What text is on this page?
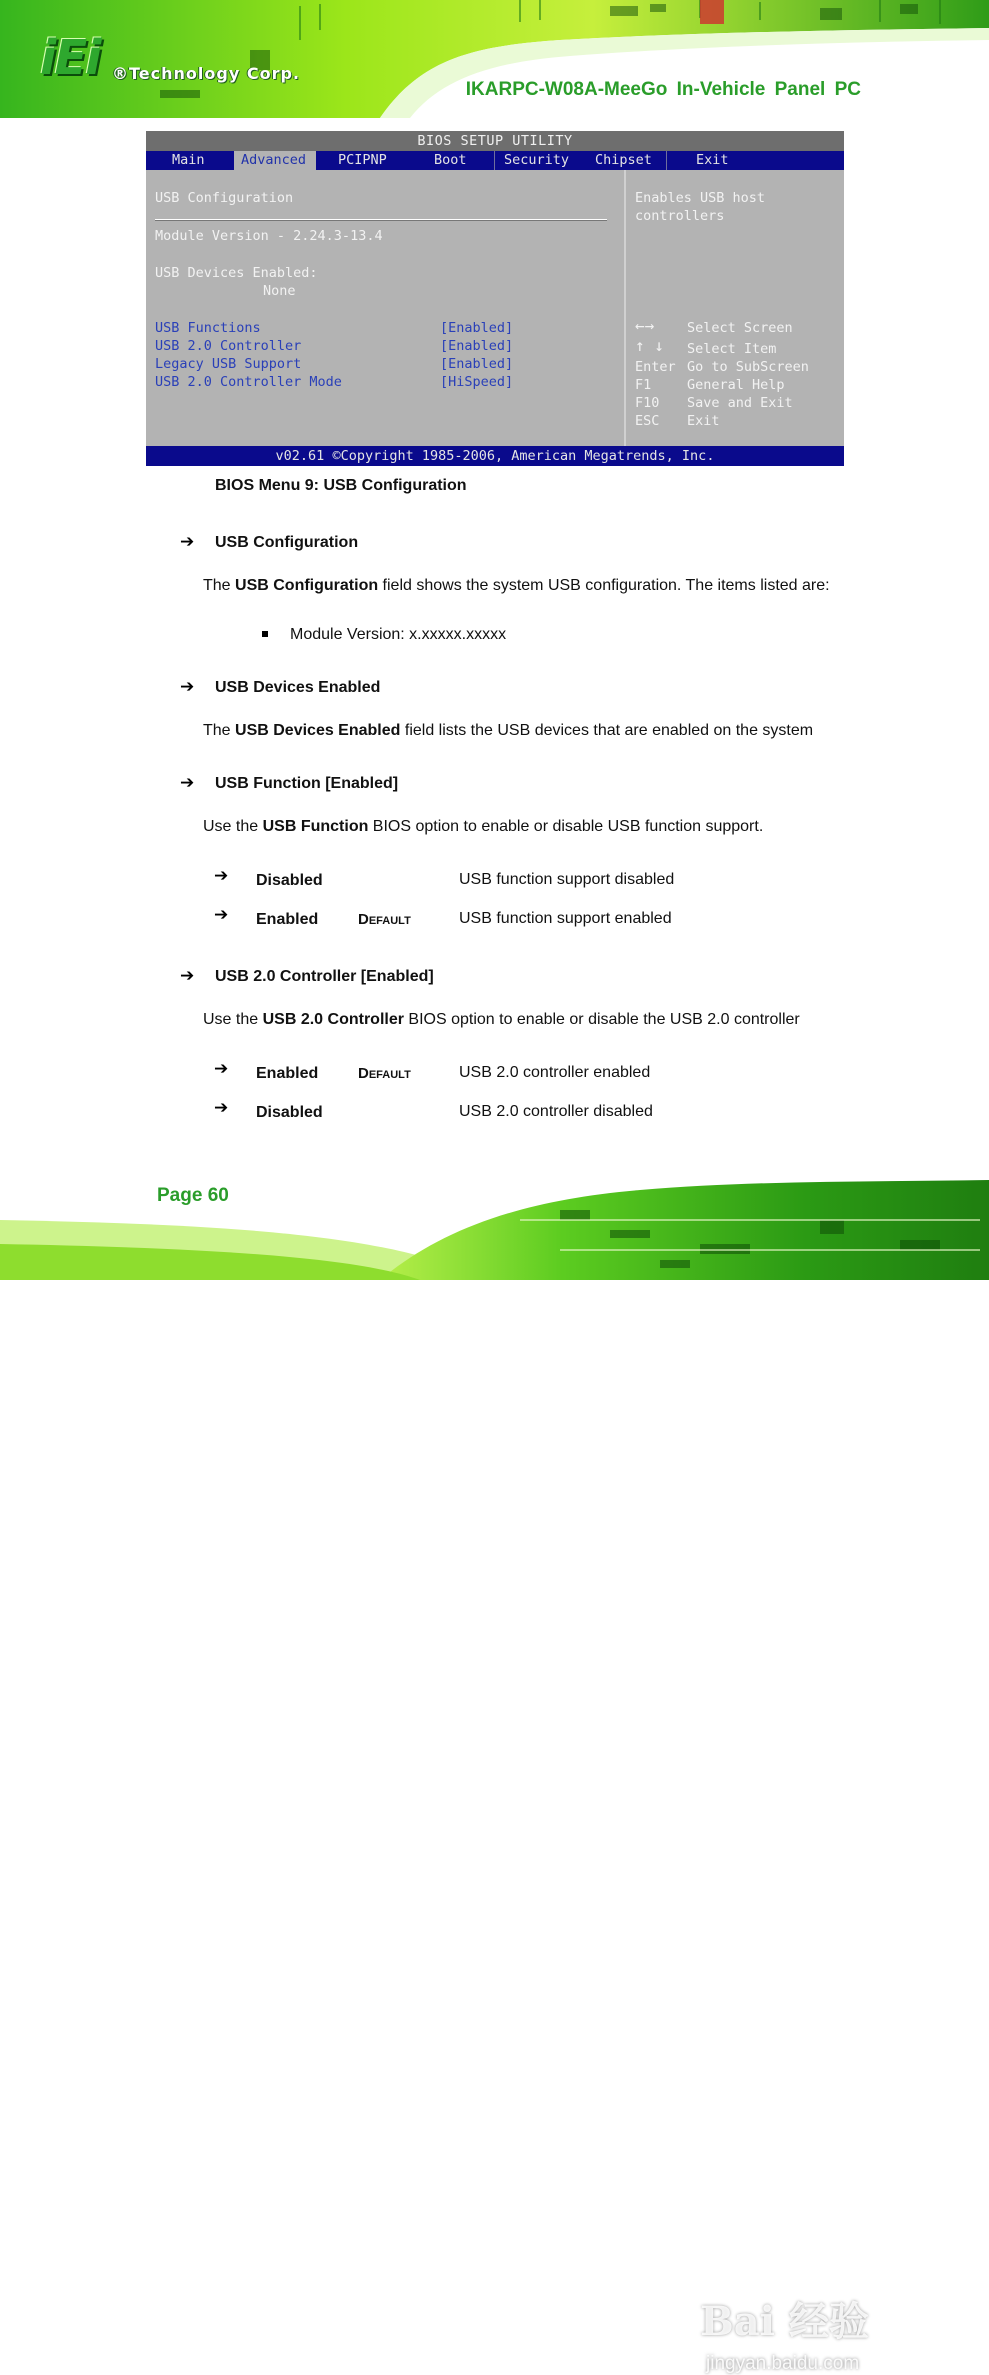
iEi ®Technology Corp.
IKARPC-W08A-MeeGo In-Vehicle Panel PC
BIOS SETUP UTILITY
Main	Advanced	PCIPNP	Boot	Security Chipset	Exit
USB Configuration
Module Version - 2.24.3-13.4
USB Devices Enabled:
None
USB Functions	[Enabled]
USB 2.0 Controller	[Enabled]
Legacy USB Support	[Enabled]
USB 2.0 Controller Mode	[HiSpeed]
Enables USB host
controllers
←→ Select Screen
↑ ↓ Select Item
Enter Go to SubScreen
F1	General Help
F10 Save and Exit
ESC Exit
v02.61 ©Copyright 1985-2006, American Megatrends, Inc.
BIOS Menu 9: USB Configuration
➔ USB Configuration
The USB Configuration field shows the system USB configuration. The items listed are:
Module Version: x.xxxxx.xxxxx
➔ USB Devices Enabled
The USB Devices Enabled field lists the USB devices that are enabled on the system
➔ USB Function [Enabled]
Use the USB Function BIOS option to enable or disable USB function support.
➔ Disabled	USB function support disabled
➔ Enabled	Default	USB function support enabled
➔ USB 2.0 Controller [Enabled]
Use the USB 2.0 Controller BIOS option to enable or disable the USB 2.0 controller
➔ Enabled	Default	USB 2.0 controller enabled
➔ Disabled	USB 2.0 controller disabled
Bai 经验
jingyan.baidu.com
Page 60
